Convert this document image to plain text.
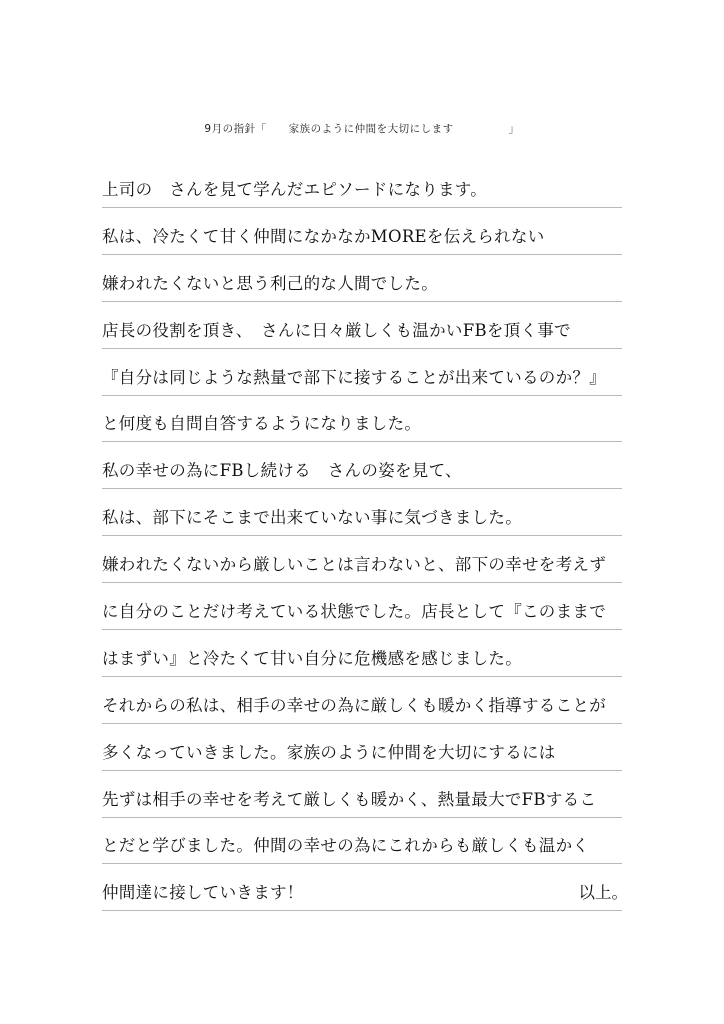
9月の指針「　　家族のように仲間を大切にします　　　　　」
上司の　さんを見て学んだエピソードになります。
私は、冷たくて甘く仲間になかなかMOREを伝えられない
嫌われたくないと思う利己的な人間でした。
店長の役割を頂き、　さんに日々厳しくも温かいFBを頂く事で
『自分は同じような熱量で部下に接することが出来ているのか？』
と何度も自問自答するようになりました。
私の幸せの為にFBし続ける　さんの姿を見て、
私は、部下にそこまで出来ていない事に気づきました。
嫌われたくないから厳しいことは言わないと、部下の幸せを考えず
に自分のことだけ考えている状態でした。店長として『このままで
はまずい』と冷たくて甘い自分に危機感を感じました。
それからの私は、相手の幸せの為に厳しくも暖かく指導することが
多くなっていきました。家族のように仲間を大切にするには
先ずは相手の幸せを考えて厳しくも暖かく、熱量最大でFBするこ
とだと学びました。仲間の幸せの為にこれからも厳しくも温かく
仲間達に接していきます！	以上。
